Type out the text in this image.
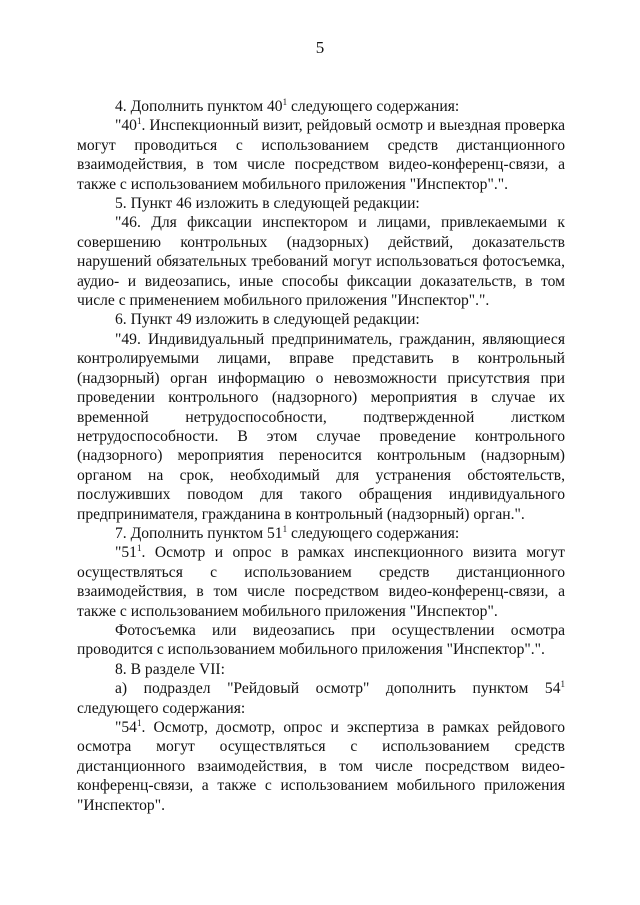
5

4. Дополнить пунктом $40^1$ следующего содержания:

"$40^1$. Инспекционный визит, рейдовый осмотр и выездная проверка могут проводиться с использованием средств дистанционного взаимодействия, в том числе посредством видео-конференц-связи, а также с использованием мобильного приложения "Инспектор".".

5. Пункт 46 изложить в следующей редакции:

"46. Для фиксации инспектором и лицами, привлекаемыми к совершению контрольных (надзорных) действий, доказательств нарушений обязательных требований могут использоваться фотосъемка, аудио- и видеозапись, иные способы фиксации доказательств, в том числе с применением мобильного приложения "Инспектор".".

6. Пункт 49 изложить в следующей редакции:

"49. Индивидуальный предприниматель, гражданин, являющиеся контролируемыми лицами, вправе представить в контрольный (надзорный) орган информацию о невозможности присутствия при проведении контрольного (надзорного) мероприятия в случае их временной нетрудоспособности, подтвержденной листком нетрудоспособности. В этом случае проведение контрольного (надзорного) мероприятия переносится контрольным (надзорным) органом на срок, необходимый для устранения обстоятельств, послуживших поводом для такого обращения индивидуального предпринимателя, гражданина в контрольный (надзорный) орган.".

7. Дополнить пунктом $51^1$ следующего содержания:

"$51^1$. Осмотр и опрос в рамках инспекционного визита могут осуществляться с использованием средств дистанционного взаимодействия, в том числе посредством видео-конференц-связи, а также с использованием мобильного приложения "Инспектор".

Фотосъемка или видеозапись при осуществлении осмотра проводится с использованием мобильного приложения "Инспектор".".

8. В разделе VII:

а) подраздел "Рейдовый осмотр" дополнить пунктом $54^1$ следующего содержания:

"$54^1$. Осмотр, досмотр, опрос и экспертиза в рамках рейдового осмотра могут осуществляться с использованием средств дистанционного взаимодействия, в том числе посредством видео-конференц-связи, а также с использованием мобильного приложения "Инспектор".
